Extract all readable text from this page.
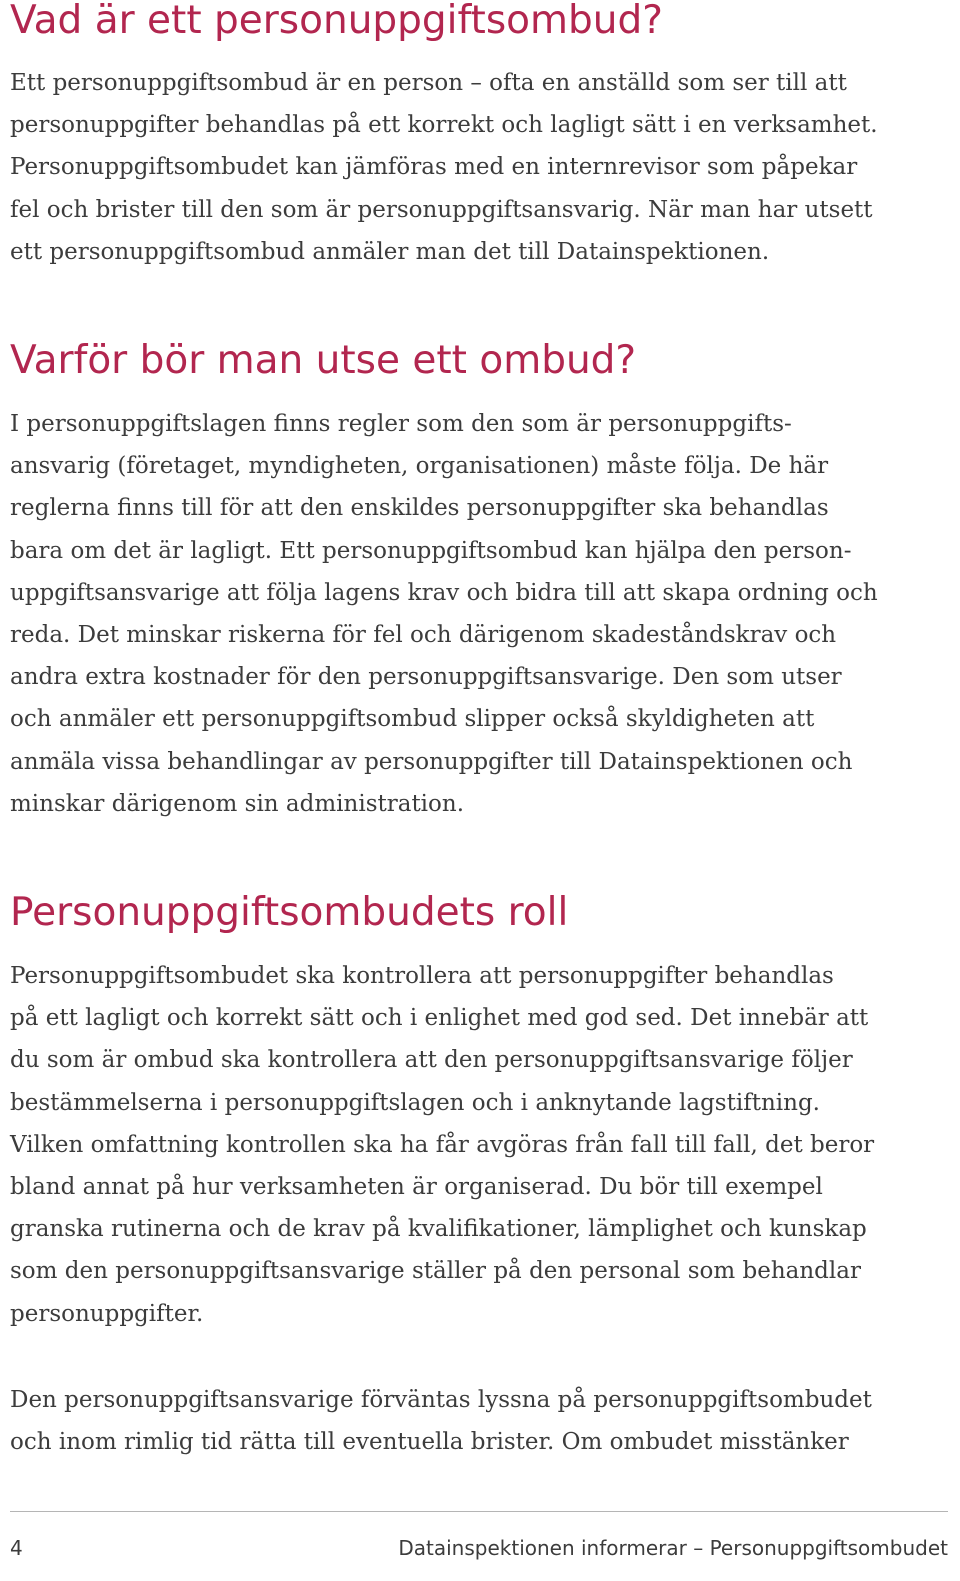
Vad är ett personuppgiftsombud?
Ett personuppgiftsombud är en person – ofta en anställd som ser till att
personuppgifter behandlas på ett korrekt och lagligt sätt i en verksamhet.
Personuppgiftsombudet kan jämföras med en internrevisor som påpekar
fel och brister till den som är personuppgiftsansvarig. När man har utsett
ett personuppgiftsombud anmäler man det till Datainspektionen.
Varför bör man utse ett ombud?
I personuppgiftslagen finns regler som den som är personuppgifts-
ansvarig (företaget, myndigheten, organisationen) måste följa. De här
reglerna finns till för att den enskildes personuppgifter ska behandlas
bara om det är lagligt. Ett personuppgiftsombud kan hjälpa den person-
uppgiftsansvarige att följa lagens krav och bidra till att skapa ordning och
reda. Det minskar riskerna för fel och därigenom skadeståndskrav och
andra extra kostnader för den personuppgiftsansvarige. Den som utser
och anmäler ett personuppgiftsombud slipper också skyldigheten att
anmäla vissa behandlingar av personuppgifter till Datainspektionen och
minskar därigenom sin administration.
Personuppgiftsombudets roll
Personuppgiftsombudet ska kontrollera att personuppgifter behandlas
på ett lagligt och korrekt sätt och i enlighet med god sed. Det innebär att
du som är ombud ska kontrollera att den personuppgiftsansvarige följer
bestämmelserna i personuppgiftslagen och i anknytande lagstiftning.
Vilken omfattning kontrollen ska ha får avgöras från fall till fall, det beror
bland annat på hur verksamheten är organiserad. Du bör till exempel
granska rutinerna och de krav på kvalifikationer, lämplighet och kunskap
som den personuppgiftsansvarige ställer på den personal som behandlar
personuppgifter.
Den personuppgiftsansvarige förväntas lyssna på personuppgiftsombudet
och inom rimlig tid rätta till eventuella brister. Om ombudet misstänker
4	Datainspektionen informerar – Personuppgiftsombudet
